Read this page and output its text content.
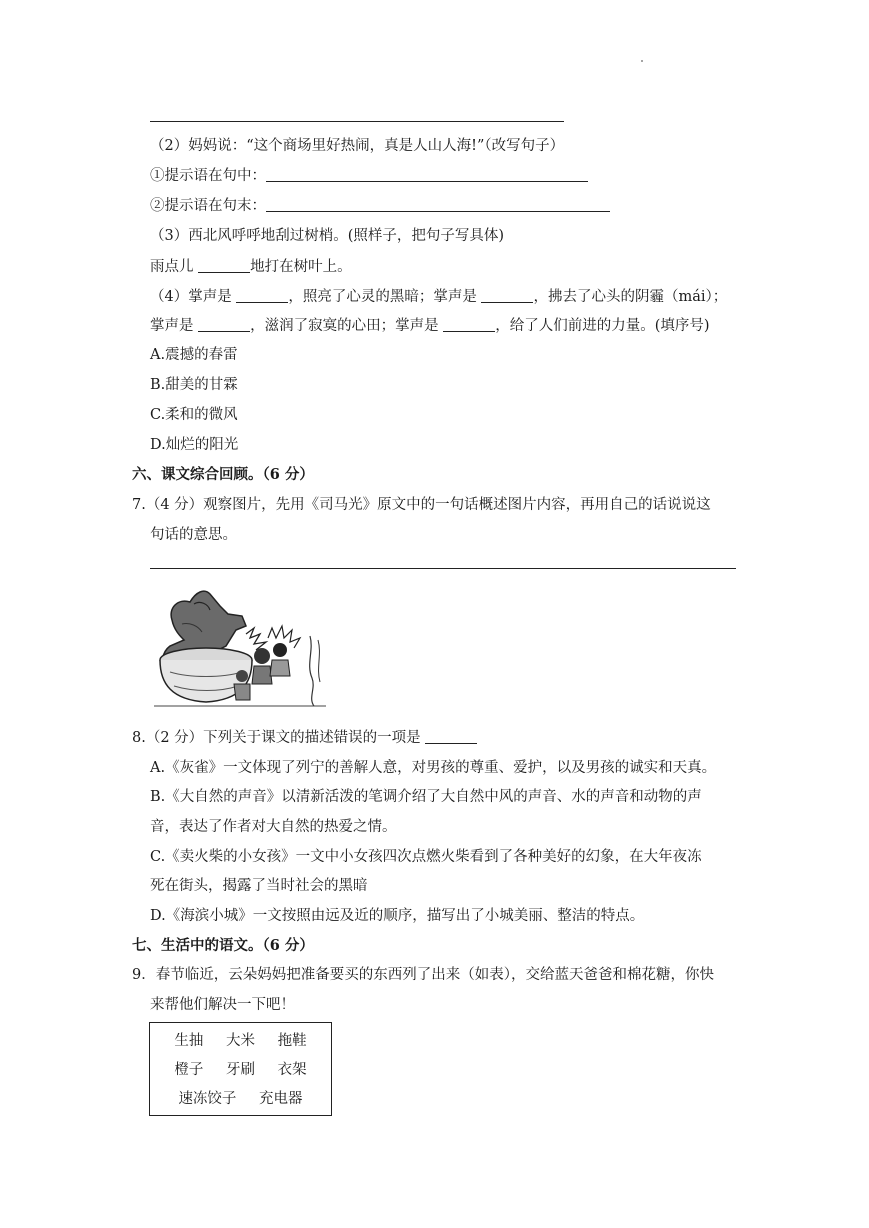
（2）妈妈说：“这个商场里好热闹，真是人山人海!”（改写句子）
①提示语在句中：
②提示语在句末：
（3）西北风呼呼地刮过树梢。(照样子，把句子写具体)
雨点儿	地打在树叶上。
（4）掌声是	，照亮了心灵的黑暗；掌声是	，拂去了心头的阴霾（mái）；
掌声是	，滋润了寂寞的心田；掌声是	，给了人们前进的力量。(填序号)
A.震撼的春雷
B.甜美的甘霖
C.柔和的微风
D.灿烂的阳光
六、课文综合回顾。（6 分）
7.（4 分）观察图片，先用《司马光》原文中的一句话概述图片内容，再用自己的话说说这
句话的意思。
8.（2 分）下列关于课文的描述错误的一项是
A.《灰雀》一文体现了列宁的善解人意，对男孩的尊重、爱护，以及男孩的诚实和天真。
B.《大自然的声音》以清新活泼的笔调介绍了大自然中风的声音、水的声音和动物的声
音，表达了作者对大自然的热爱之情。
C.《卖火柴的小女孩》一文中小女孩四次点燃火柴看到了各种美好的幻象，在大年夜冻
死在街头，揭露了当时社会的黑暗
D.《海滨小城》一文按照由远及近的顺序，描写出了小城美丽、整洁的特点。
七、生活中的语文。（6 分）
9．春节临近，云朵妈妈把准备要买的东西列了出来（如表），交给蓝天爸爸和棉花糖，你快
来帮他们解决一下吧！
生抽 大米 拖鞋
橙子 牙刷 衣架
速冻饺子 充电器
